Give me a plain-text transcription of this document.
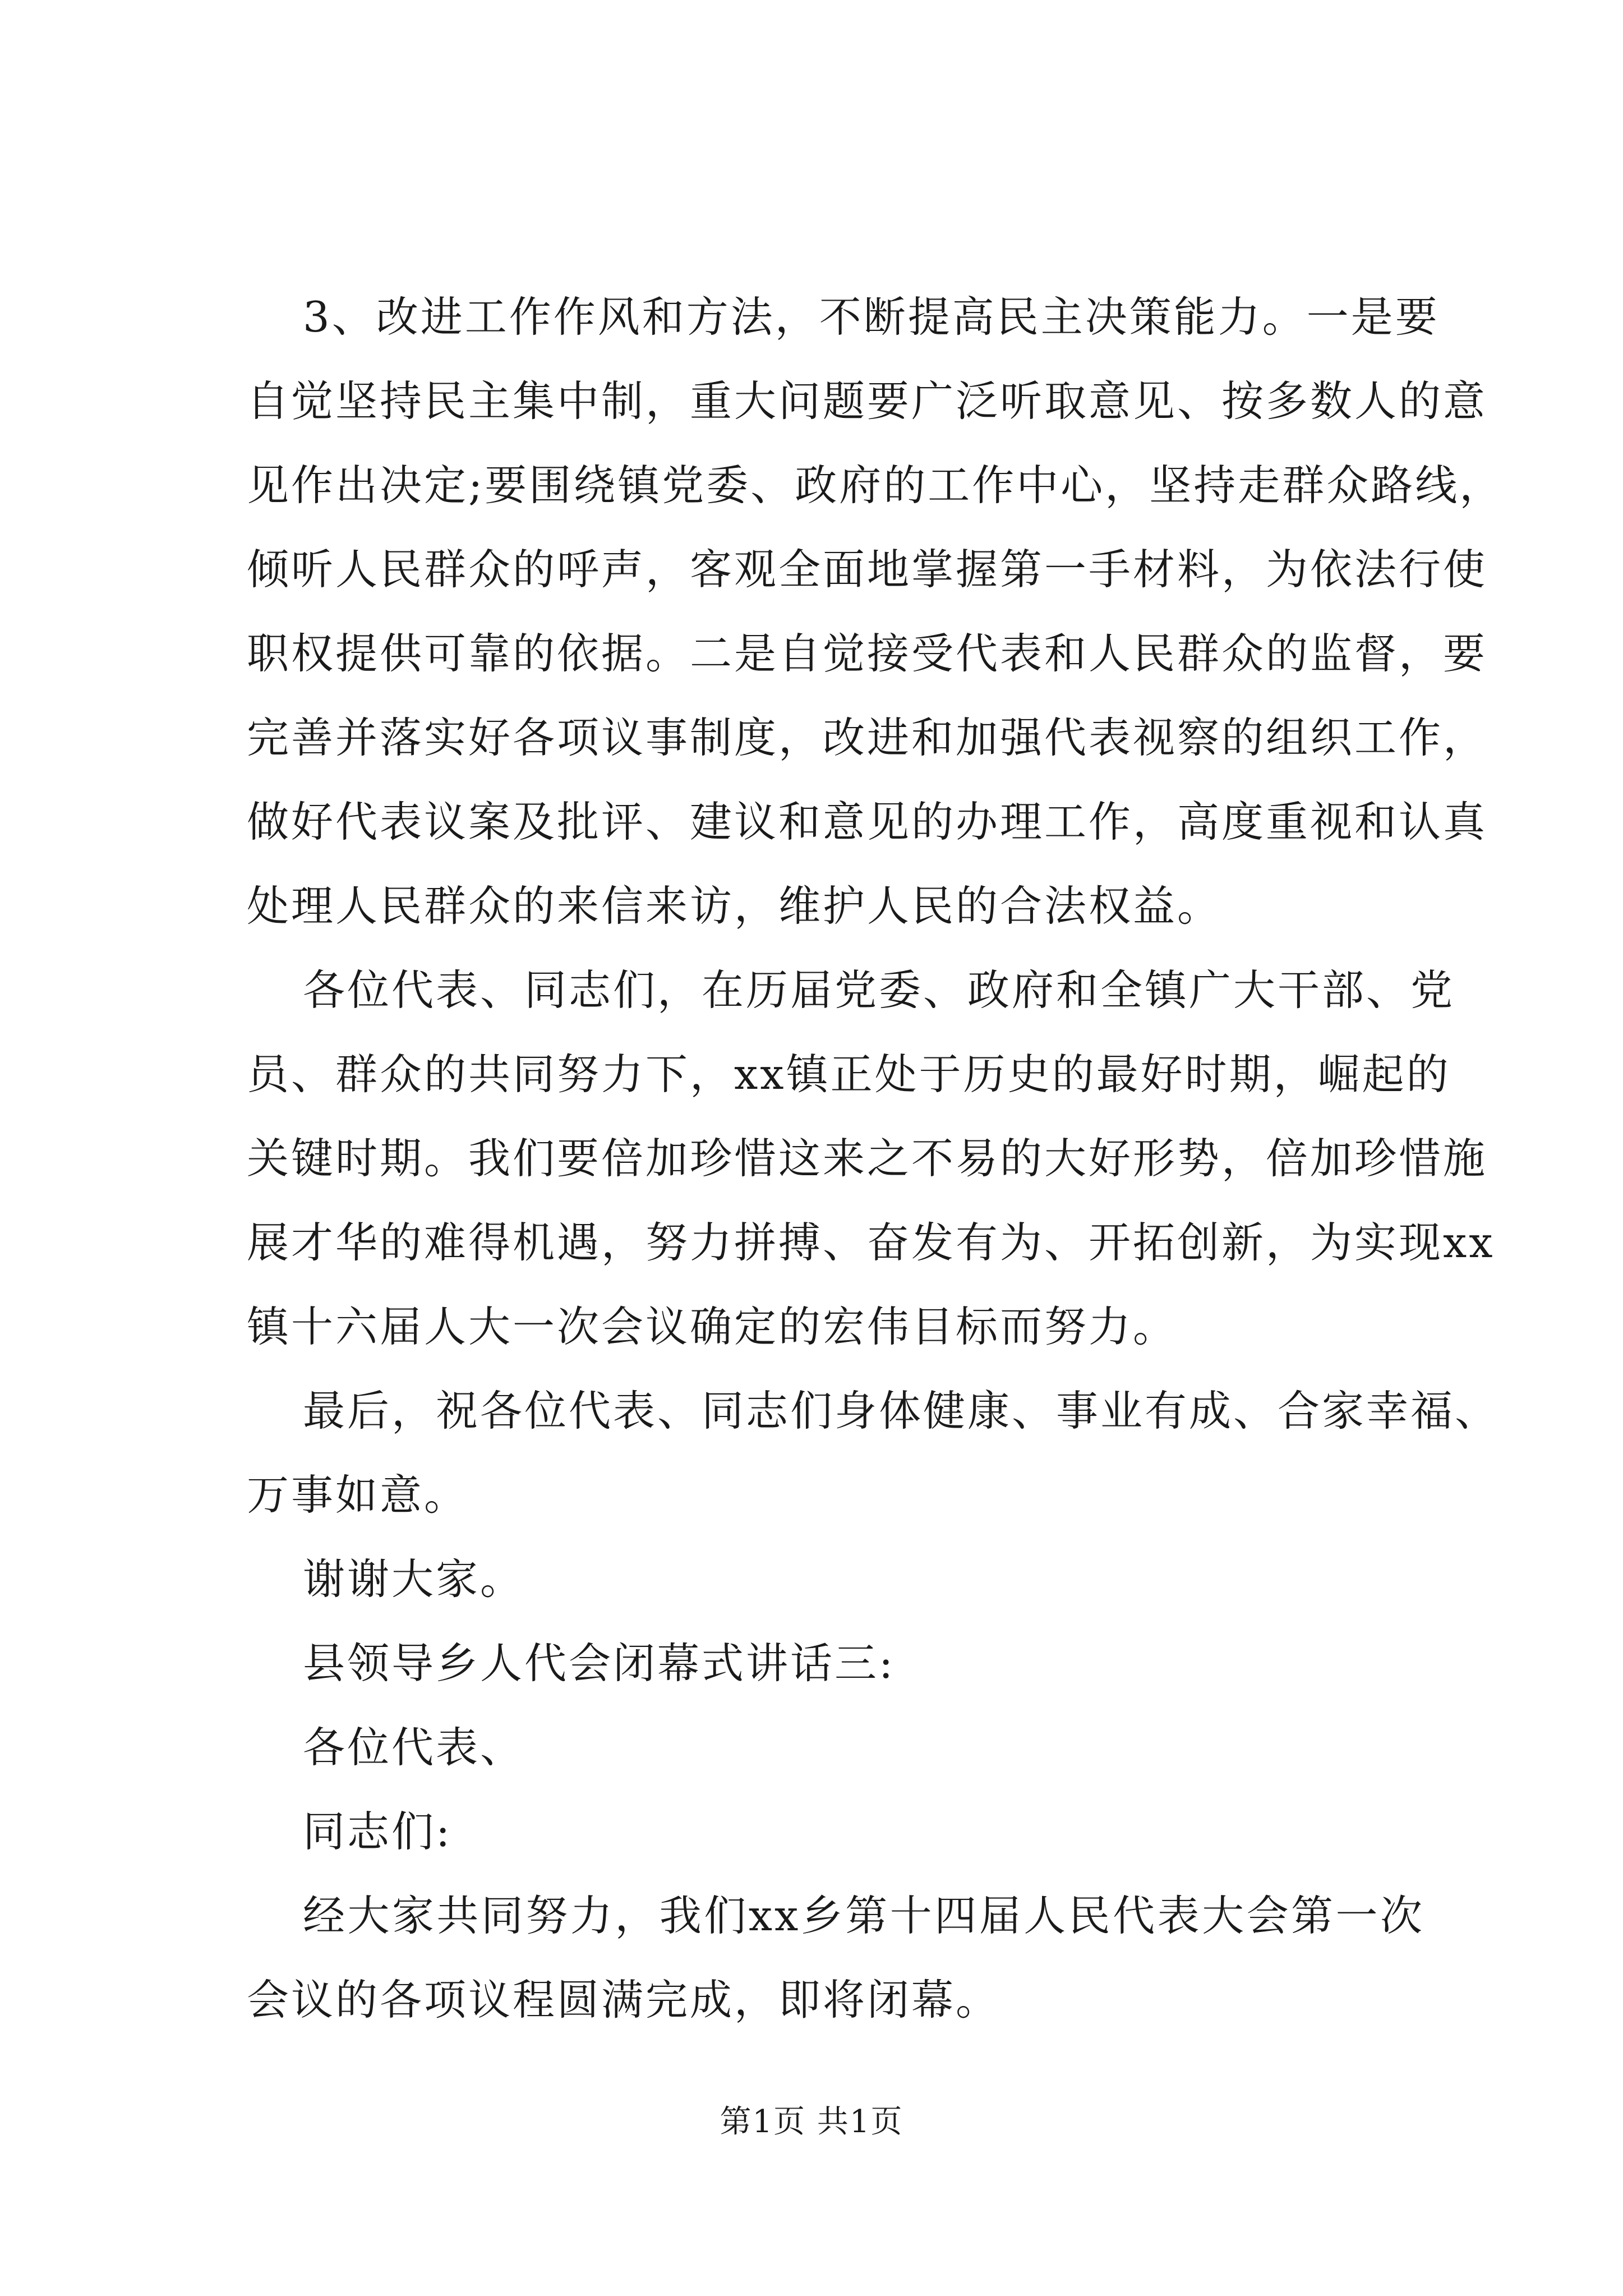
3、改进工作作风和方法，不断提高民主决策能力。一是要
自觉坚持民主集中制，重大问题要广泛听取意见、按多数人的意
见作出决定;要围绕镇党委、政府的工作中心，坚持走群众路线，
倾听人民群众的呼声，客观全面地掌握第一手材料，为依法行使
职权提供可靠的依据。二是自觉接受代表和人民群众的监督，要
完善并落实好各项议事制度，改进和加强代表视察的组织工作，
做好代表议案及批评、建议和意见的办理工作，高度重视和认真
处理人民群众的来信来访，维护人民的合法权益。
各位代表、同志们，在历届党委、政府和全镇广大干部、党
员、群众的共同努力下，xx镇正处于历史的最好时期，崛起的
关键时期。我们要倍加珍惜这来之不易的大好形势，倍加珍惜施
展才华的难得机遇，努力拼搏、奋发有为、开拓创新，为实现xx
镇十六届人大一次会议确定的宏伟目标而努力。
最后，祝各位代表、同志们身体健康、事业有成、合家幸福、
万事如意。
谢谢大家。
县领导乡人代会闭幕式讲话三:
各位代表、
同志们:
经大家共同努力，我们xx乡第十四届人民代表大会第一次
会议的各项议程圆满完成，即将闭幕。
第1页 共1页
